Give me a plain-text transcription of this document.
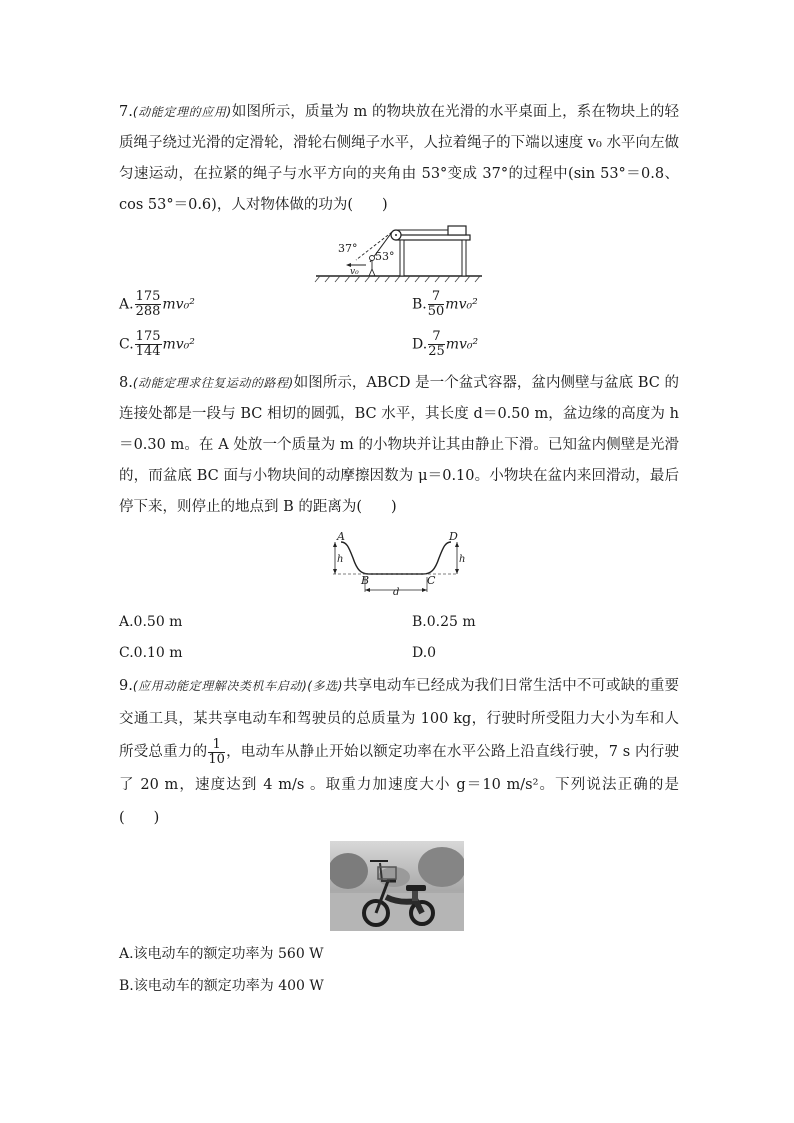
7.(动能定理的应用)如图所示，质量为 m 的物块放在光滑的水平桌面上，系在物块上的轻质绳子绕过光滑的定滑轮，滑轮右侧绳子水平，人拉着绳子的下端以速度 v₀ 水平向左做匀速运动，在拉紧的绳子与水平方向的夹角由 53°变成 37°的过程中(sin 53°＝0.8、cos 53°＝0.6)，人对物体做的功为(　　)
37°
53°
v₀
A. $\frac{175}{288} mv_0^2$	B. $\frac{7}{50} mv_0^2$
C. $\frac{175}{144} mv_0^2$	D. $\frac{7}{25} mv_0^2$
8.(动能定理求往复运动的路程)如图所示，ABCD 是一个盆式容器，盆内侧壁与盆底 BC 的连接处都是一段与 BC 相切的圆弧，BC 水平，其长度 d＝0.50 m，盆边缘的高度为 h＝0.30 m。在 A 处放一个质量为 m 的小物块并让其由静止下滑。已知盆内侧壁是光滑的，而盆底 BC 面与小物块间的动摩擦因数为 μ＝0.10。小物块在盆内来回滑动，最后停下来，则停止的地点到 B 的距离为(　　)
A
B	C
D
h	h
d
A.0.50 m	B.0.25 m
C.0.10 m	D.0
9.(应用动能定理解决类机车启动)(多选)共享电动车已经成为我们日常生活中不可或缺的重要交通工具，某共享电动车和驾驶员的总质量为 100 kg，行驶时所受阻力大小为车和人所受总重力的 $\frac{1}{10}$ ，电动车从静止开始以额定功率在水平公路上沿直线行驶，7 s 内行驶了 20 m，速度达到 4 m/s 。取重力加速度大小 g＝10 m/s²。下列说法正确的是(　　)
A.该电动车的额定功率为 560 W
B.该电动车的额定功率为 400 W
